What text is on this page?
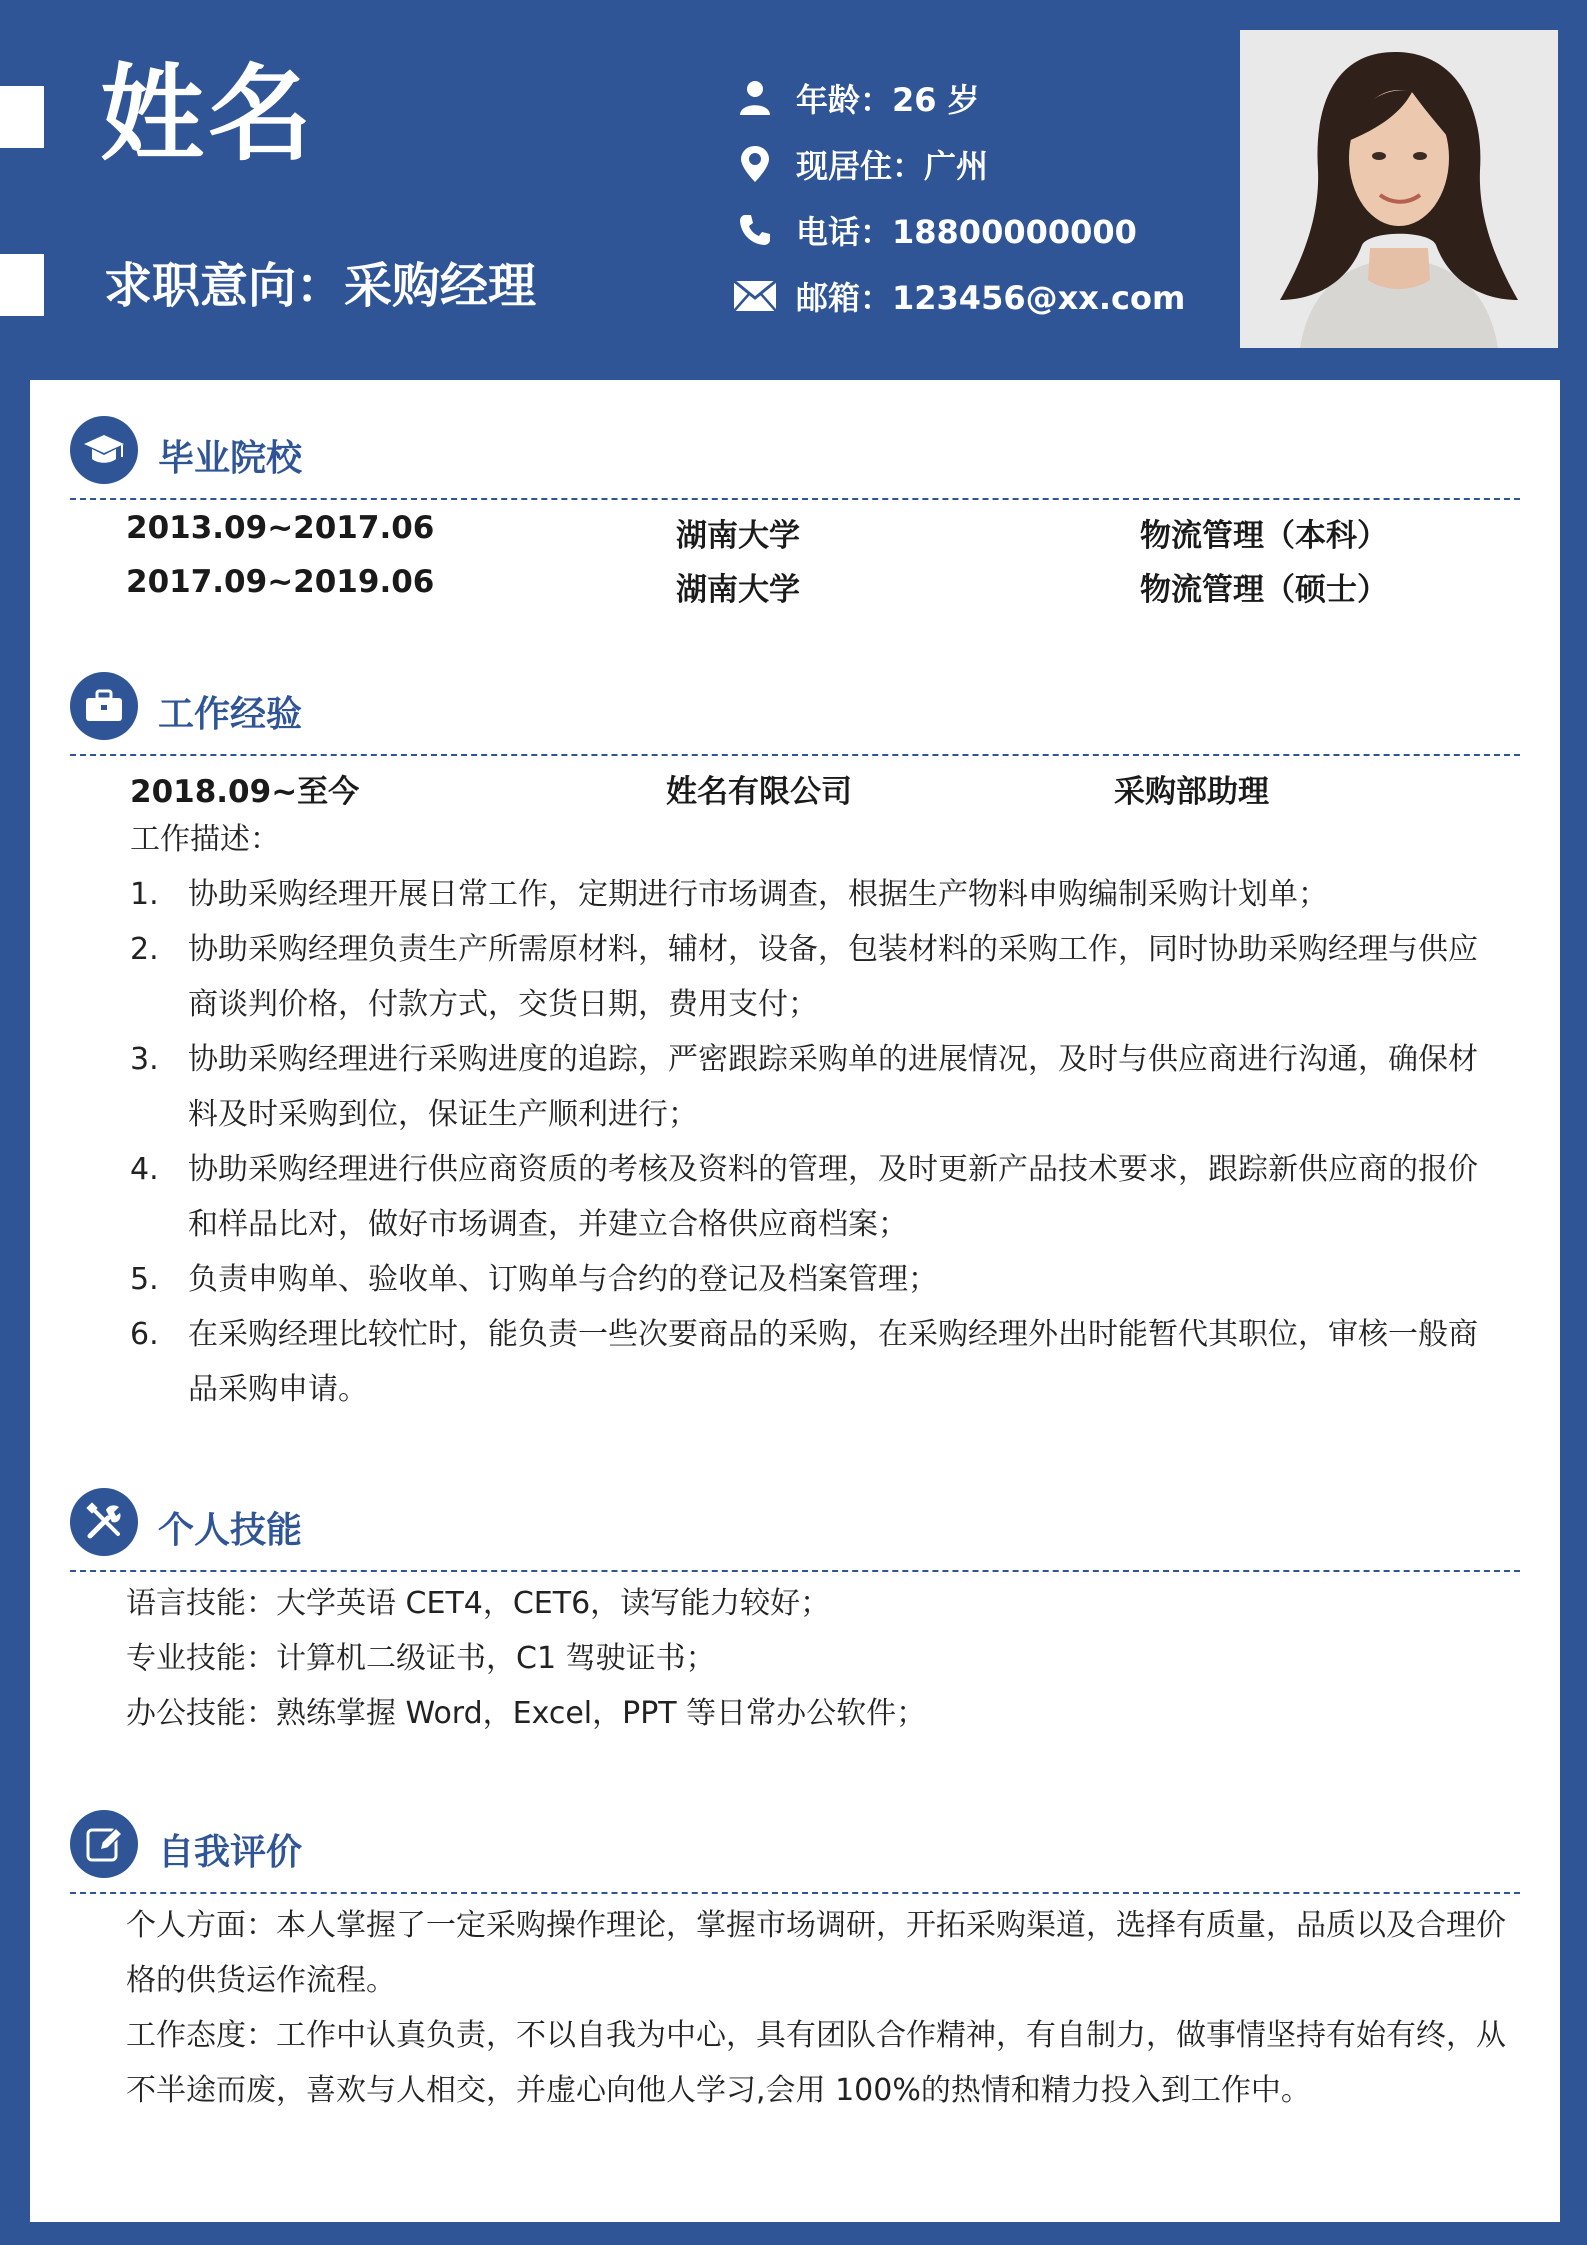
姓名
求职意向：采购经理
年龄：26 岁
现居住：广州
电话：18800000000
邮箱：123456@xx.com
毕业院校
2013.09~2017.06	湖南大学	物流管理（本科）
2017.09~2019.06	湖南大学	物流管理（硕士）
工作经验
2018.09~至今	姓名有限公司	采购部助理
工作描述：
1. 协助采购经理开展日常工作，定期进行市场调查，根据生产物料申购编制采购计划单；
2. 协助采购经理负责生产所需原材料，辅材，设备，包装材料的采购工作，同时协助采购经理与供应商谈判价格，付款方式，交货日期，费用支付；
3. 协助采购经理进行采购进度的追踪，严密跟踪采购单的进展情况，及时与供应商进行沟通，确保材料及时采购到位，保证生产顺利进行；
4. 协助采购经理进行供应商资质的考核及资料的管理，及时更新产品技术要求，跟踪新供应商的报价和样品比对，做好市场调查，并建立合格供应商档案；
5. 负责申购单、验收单、订购单与合约的登记及档案管理；
6. 在采购经理比较忙时，能负责一些次要商品的采购，在采购经理外出时能暂代其职位，审核一般商品采购申请。
个人技能
语言技能：大学英语 CET4，CET6，读写能力较好；
专业技能：计算机二级证书，C1 驾驶证书；
办公技能：熟练掌握 Word，Excel，PPT 等日常办公软件；
自我评价
个人方面：本人掌握了一定采购操作理论，掌握市场调研，开拓采购渠道，选择有质量，品质以及合理价格的供货运作流程。
工作态度：工作中认真负责，不以自我为中心，具有团队合作精神，有自制力，做事情坚持有始有终，从不半途而废，喜欢与人相交，并虚心向他人学习,会用 100%的热情和精力投入到工作中。
